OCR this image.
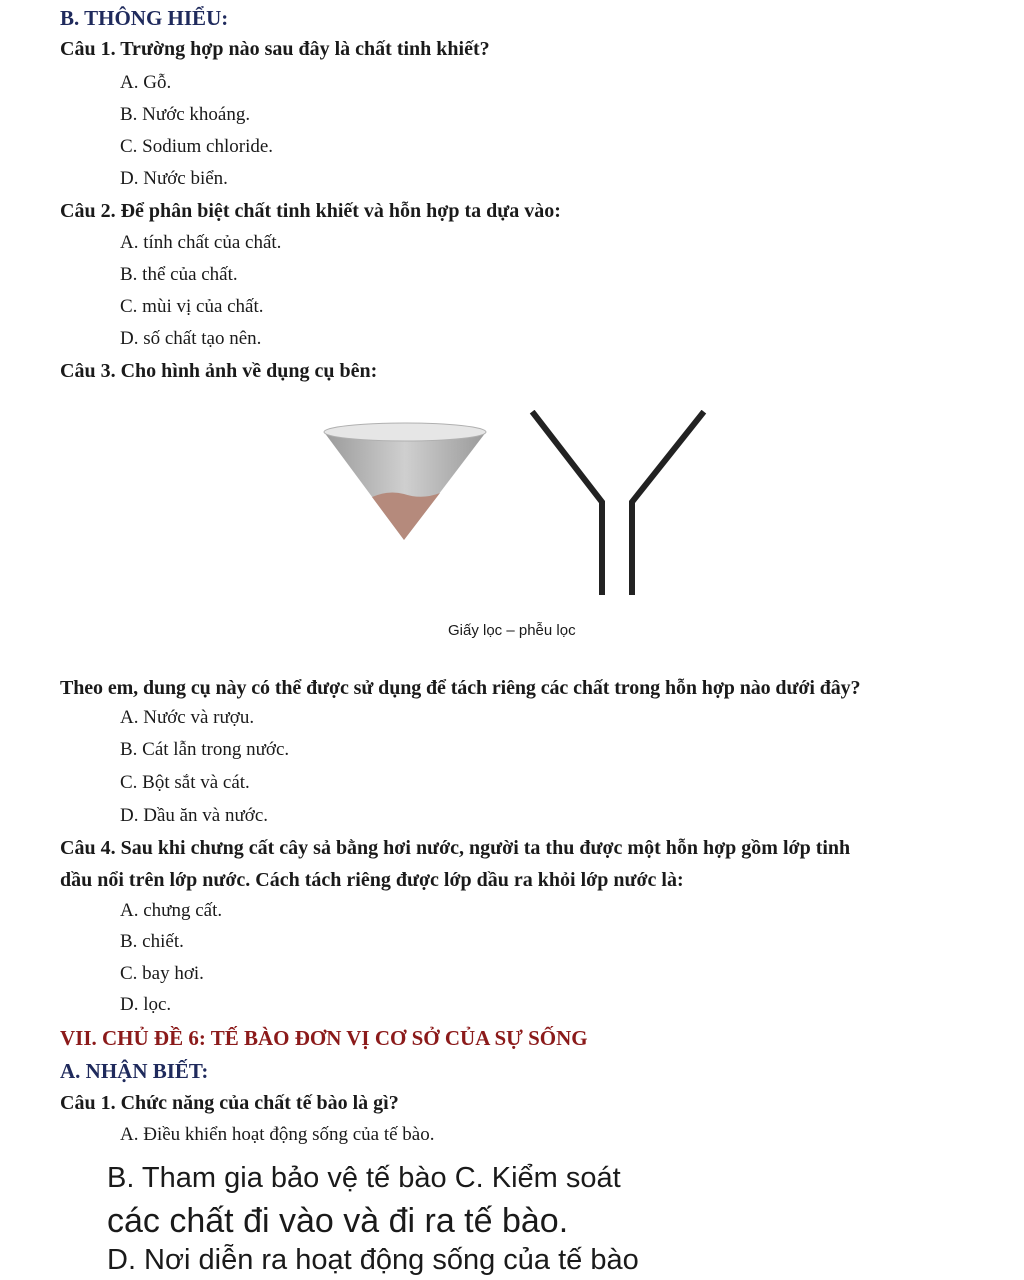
B. THÔNG HIỂU:
Câu 1. Trường hợp nào sau đây là chất tinh khiết?
A. Gỗ.
B. Nước khoáng.
C. Sodium chloride.
D. Nước biển.
Câu 2. Để phân biệt chất tinh khiết và hỗn hợp ta dựa vào:
A. tính chất của chất.
B. thể của chất.
C. mùi vị của chất.
D. số chất tạo nên.
Câu 3. Cho hình ảnh về dụng cụ bên:
Giấy lọc – phễu lọc
Theo em, dung cụ này có thể được sử dụng để tách riêng các chất trong hỗn hợp nào dưới đây?
A. Nước và rượu.
B. Cát lẫn trong nước.
C. Bột sắt và cát.
D. Dầu ăn và nước.
Câu 4. Sau khi chưng cất cây sả bằng hơi nước, người ta thu được một hỗn hợp gồm lớp tinh
dầu nổi trên lớp nước. Cách tách riêng được lớp dầu ra khỏi lớp nước là:
A. chưng cất.
B. chiết.
C. bay hơi.
D. lọc.
VII. CHỦ ĐỀ 6: TẾ BÀO ĐƠN VỊ CƠ SỞ CỦA SỰ SỐNG
A. NHẬN BIẾT:
Câu 1. Chức năng của chất tế bào là gì?
A. Điều khiển hoạt động sống của tế bào.
B. Tham gia bảo vệ tế bào C. Kiểm soát
các chất đi vào và đi ra tế bào.
D. Nơi diễn ra hoạt động sống của tế bào
